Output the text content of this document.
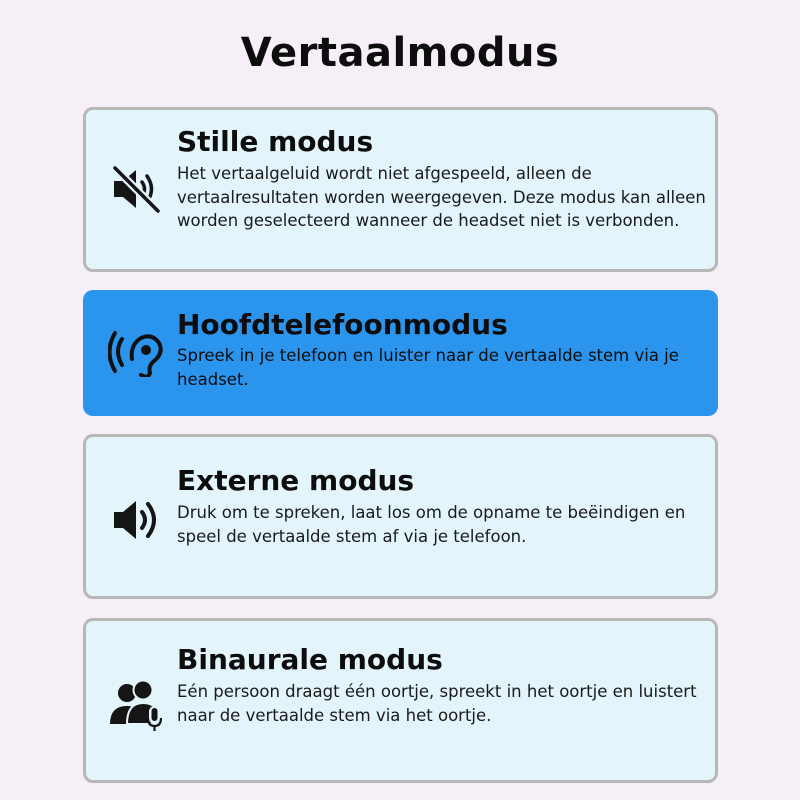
Vertaalmodus
Stille modus
Het vertaalgeluid wordt niet afgespeeld, alleen de vertaalresultaten worden weergegeven. Deze modus kan alleen worden geselecteerd wanneer de headset niet is verbonden.
Hoofdtelefoonmodus
Spreek in je telefoon en luister naar de vertaalde stem via je headset.
Externe modus
Druk om te spreken, laat los om de opname te beëindigen en speel de vertaalde stem af via je telefoon.
Binaurale modus
Eén persoon draagt één oortje, spreekt in het oortje en luistert naar de vertaalde stem via het oortje.
